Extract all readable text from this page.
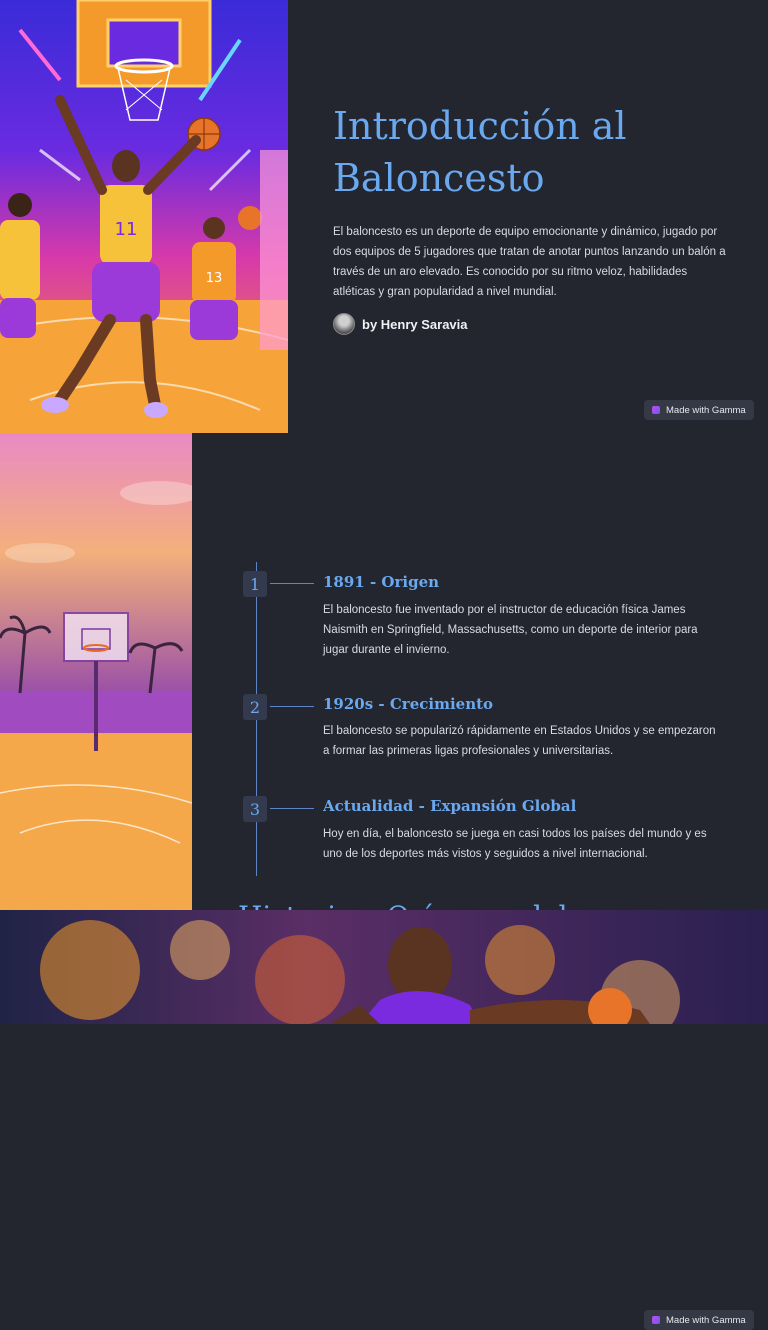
11
13
Introducción al Baloncesto

El baloncesto es un deporte de equipo emocionante y dinámico, jugado por dos equipos de 5 jugadores que tratan de anotar puntos lanzando un balón a través de un aro elevado. Es conocido por su ritmo veloz, habilidades atléticas y gran popularidad a nivel mundial.

by Henry Saravia
Made with Gamma
Made with Gamma
1	1891 - Origen

El baloncesto fue inventado por el instructor de educación física James Naismith en Springfield, Massachusetts, como un deporte de interior para jugar durante el invierno.

2	1920s - Crecimiento

El baloncesto se popularizó rápidamente en Estados Unidos y se empezaron a formar las primeras ligas profesionales y universitarias.

3	Actualidad - Expansión Global

Hoy en día, el baloncesto se juega en casi todos los países del mundo y es uno de los deportes más vistos y seguidos a nivel internacional.
